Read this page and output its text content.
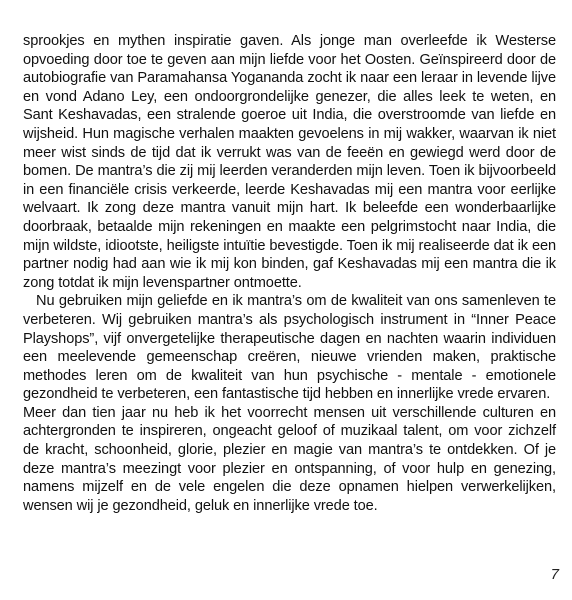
sprookjes en mythen inspiratie gaven. Als jonge man overleefde ik Westerse opvoeding door toe te geven aan mijn liefde voor het Oosten. Geïnspireerd door de autobiografie van Paramahansa Yogananda zocht ik naar een leraar in levende lijve en vond Adano Ley, een ondoorgrondelijke genezer, die alles leek te weten, en Sant Keshavadas, een stralende goeroe uit India, die overstroomde van liefde en wijsheid. Hun magische verhalen maakten gevoelens in mij wakker, waarvan ik niet meer wist sinds de tijd dat ik verrukt was van de feeën en gewiegd werd door de bomen. De mantra’s die zij mij leerden veranderden mijn leven. Toen ik bijvoorbeeld in een financiële crisis verkeerde, leerde Keshavadas mij een mantra voor eerlijke welvaart. Ik zong deze mantra vanuit mijn hart. Ik beleefde een wonderbaarlijke doorbraak, betaalde mijn rekeningen en maakte een pelgrimstocht naar India, die mijn wildste, idiootste, heiligste intuïtie bevestigde. Toen ik mij realiseerde dat ik een partner nodig had aan wie ik mij kon binden, gaf Keshavadas mij een mantra die ik zong totdat ik mijn levenspartner ontmoette.

Nu gebruiken mijn geliefde en ik mantra’s om de kwaliteit van ons samenleven te verbeteren. Wij gebruiken mantra’s als psychologisch instrument in “Inner Peace Playshops”, vijf onvergetelijke therapeutische dagen en nachten waarin individuen een meelevende gemeenschap creëren, nieuwe vrienden maken, praktische methodes leren om de kwaliteit van hun psychische - mentale - emotionele gezondheid te verbeteren, een fantastische tijd hebben en innerlijke vrede ervaren.

Meer dan tien jaar nu heb ik het voorrecht mensen uit verschillende culturen en achtergronden te inspireren, ongeacht geloof of muzikaal talent, om voor zichzelf de kracht, schoonheid, glorie, plezier en magie van mantra’s te ontdekken. Of je deze mantra’s meezingt voor plezier en ontspanning, of voor hulp en genezing, namens mijzelf en de vele engelen die deze opnamen hielpen verwerkelijken, wensen wij je gezondheid, geluk en innerlijke vrede toe.

7
